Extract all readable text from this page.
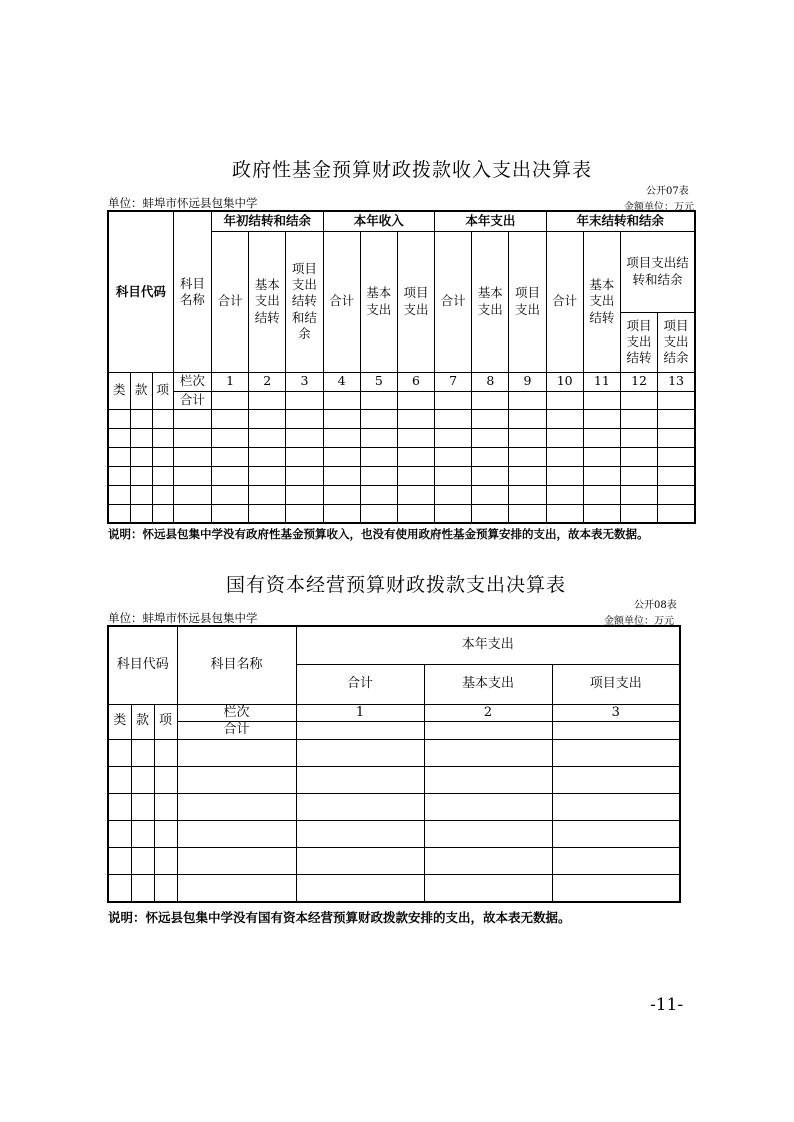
政府性基金预算财政拨款收入支出决算表
公开07表
单位：蚌埠市怀远县包集中学	金额单位：万元
科目代码			科目名称	年初结转和结余			本年收入			本年支出			年末结转和结余			
				合计	基本支出结转	项目支出结转和结余	合计	基本支出	项目支出	合计	基本支出	项目支出	合计	基本支出结转	项目支出结转和结余	

															项目支出结转	项目支出结余

类	款	项	栏次	1	2	3	4	5	6	7	8	9	10	11	12	13
			合计													

说明：怀远县包集中学没有政府性基金预算收入，也没有使用政府性基金预算安排的支出，故本表无数据。
国有资本经营预算财政拨款支出决算表
公开08表
单位：蚌埠市怀远县包集中学	金额单位：万元
科目代码			科目名称	本年支出		
				合计	基本支出	项目支出
类	款	项	栏次	1	2	3
			合计			

说明：怀远县包集中学没有国有资本经营预算财政拨款安排的支出，故本表无数据。
-11-
